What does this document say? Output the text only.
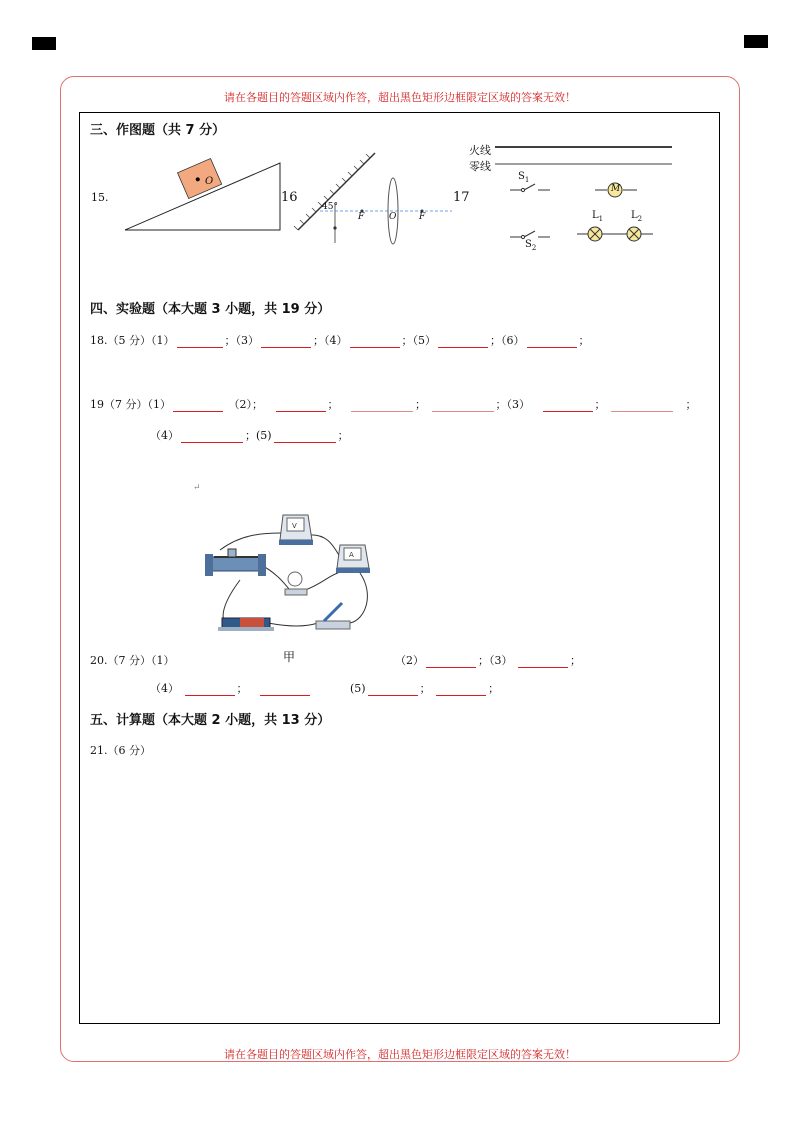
请在各题目的答题区域内作答，超出黑色矩形边框限定区域的答案无效！
请在各题目的答题区域内作答，超出黑色矩形边框限定区域的答案无效！
三、作图题（共 7 分）
15.
O
16
45°
F	O	F
17
火线
零线
$S_1$
M
$S_2$
$L_1$	$L_2$
四、实验题（本大题 3 小题，共 19 分）
18.（5 分）（1）	；（3）	；（4）	；（5）	；（6）	；
19（7 分）（1）	（2）；	；	；	；（3）	；	；
（4）	；(5)	；
↵
V
A
甲
20.（7 分）（1）	（2）	；（3）	；
（4）	；	(5)	；	；
五、计算题（本大题 2 小题，共 13 分）
21.（6 分）
